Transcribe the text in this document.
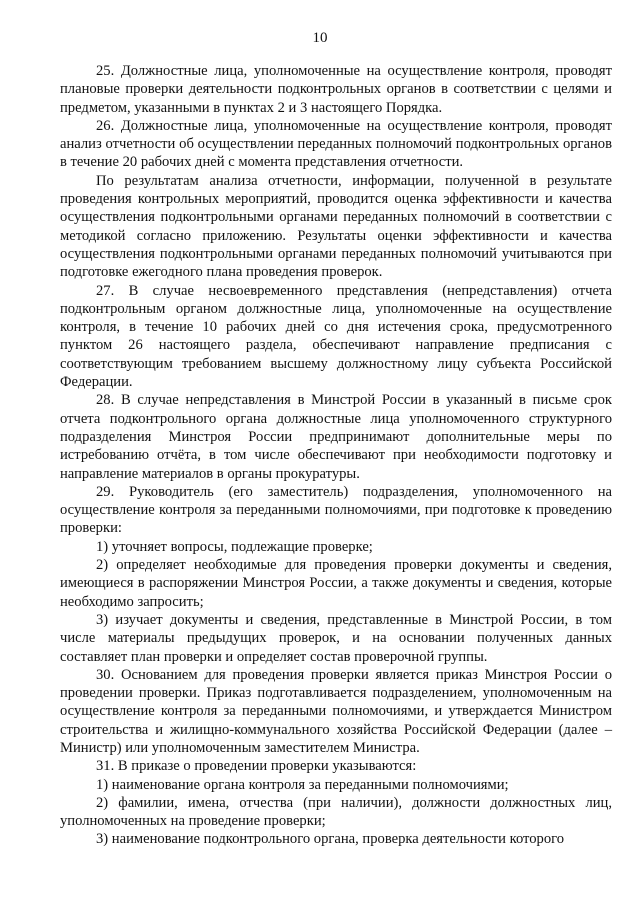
10

25. Должностные лица, уполномоченные на осуществление контроля, проводят плановые проверки деятельности подконтрольных органов в соответствии с целями и предметом, указанными в пунктах 2 и 3 настоящего Порядка.

26. Должностные лица, уполномоченные на осуществление контроля, проводят анализ отчетности об осуществлении переданных полномочий подконтрольных органов в течение 20 рабочих дней с момента представления отчетности.

По результатам анализа отчетности, информации, полученной в результате проведения контрольных мероприятий, проводится оценка эффективности и качества осуществления подконтрольными органами переданных полномочий в соответствии с методикой согласно приложению. Результаты оценки эффективности и качества осуществления подконтрольными органами переданных полномочий учитываются при подготовке ежегодного плана проведения проверок.

27. В случае несвоевременного представления (непредставления) отчета подконтрольным органом должностные лица, уполномоченные на осуществление контроля, в течение 10 рабочих дней со дня истечения срока, предусмотренного пунктом 26 настоящего раздела, обеспечивают направление предписания с соответствующим требованием высшему должностному лицу субъекта Российской Федерации.

28. В случае непредставления в Минстрой России в указанный в письме срок отчета подконтрольного органа должностные лица уполномоченного структурного подразделения Минстроя России предпринимают дополнительные меры по истребованию отчёта, в том числе обеспечивают при необходимости подготовку и направление материалов в органы прокуратуры.

29. Руководитель (его заместитель) подразделения, уполномоченного на осуществление контроля за переданными полномочиями, при подготовке к проведению проверки:

1) уточняет вопросы, подлежащие проверке;

2) определяет необходимые для проведения проверки документы и сведения, имеющиеся в распоряжении Минстроя России, а также документы и сведения, которые необходимо запросить;

3) изучает документы и сведения, представленные в Минстрой России, в том числе материалы предыдущих проверок, и на основании полученных данных составляет план проверки и определяет состав проверочной группы.

30. Основанием для проведения проверки является приказ Минстроя России о проведении проверки. Приказ подготавливается подразделением, уполномоченным на осуществление контроля за переданными полномочиями, и утверждается Министром строительства и жилищно-коммунального хозяйства Российской Федерации (далее – Министр) или уполномоченным заместителем Министра.

31. В приказе о проведении проверки указываются:

1) наименование органа контроля за переданными полномочиями;

2) фамилии, имена, отчества (при наличии), должности должностных лиц, уполномоченных на проведение проверки;

3) наименование подконтрольного органа, проверка деятельности которого
